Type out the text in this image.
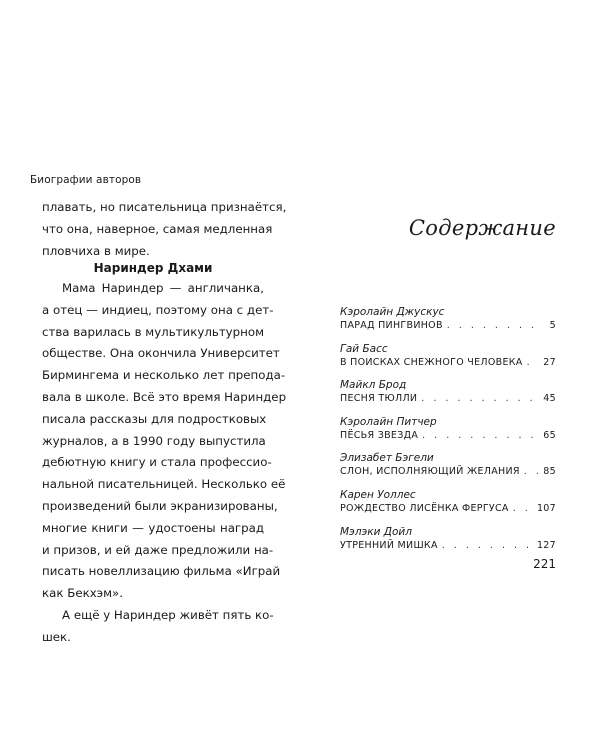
Биографии авторов
плавать, но писательница признаётся,
что она, наверное, самая медленная
пловчиха в мире.
Нариндер Дхами
Мама Нариндер — англичанка,
а отец — индиец, поэтому она с дет-
ства варилась в мультикультурном
обществе. Она окончила Университет
Бирмингема и несколько лет препода-
вала в школе. Всё это время Нариндер
писала рассказы для подростковых
журналов, а в 1990 году выпустила
дебютную книгу и стала профессио-
нальной писательницей. Несколько её
произведений были экранизированы,
многие книги — удостоены наград
и призов, и ей даже предложили на-
писать новеллизацию фильма «Играй
как Бекхэм».
А ещё у Нариндер живёт пять ко-
шек.
Содержание
Кэролайн Джускус
ПАРАД ПИНГВИНОВ . . .	5
Гай Басс
В ПОИСКАХ СНЕЖНОГО ЧЕЛОВЕКА . . . 27
Майкл Брод
ПЕСНЯ ТЮЛЛИ . . .	45
Кэролайн Питчер
ПЁСЬЯ ЗВЕЗДА . . .	65
Элизабет Бэгели
СЛОН, ИСПОЛНЯЮЩИЙ ЖЕЛАНИЯ . . . 85
Карен Уоллес
РОЖДЕСТВО ЛИСЁНКА ФЕРГУСА . . .	107
Мэлэки Дойл
УТРЕННИЙ МИШКА . . .	127
221
